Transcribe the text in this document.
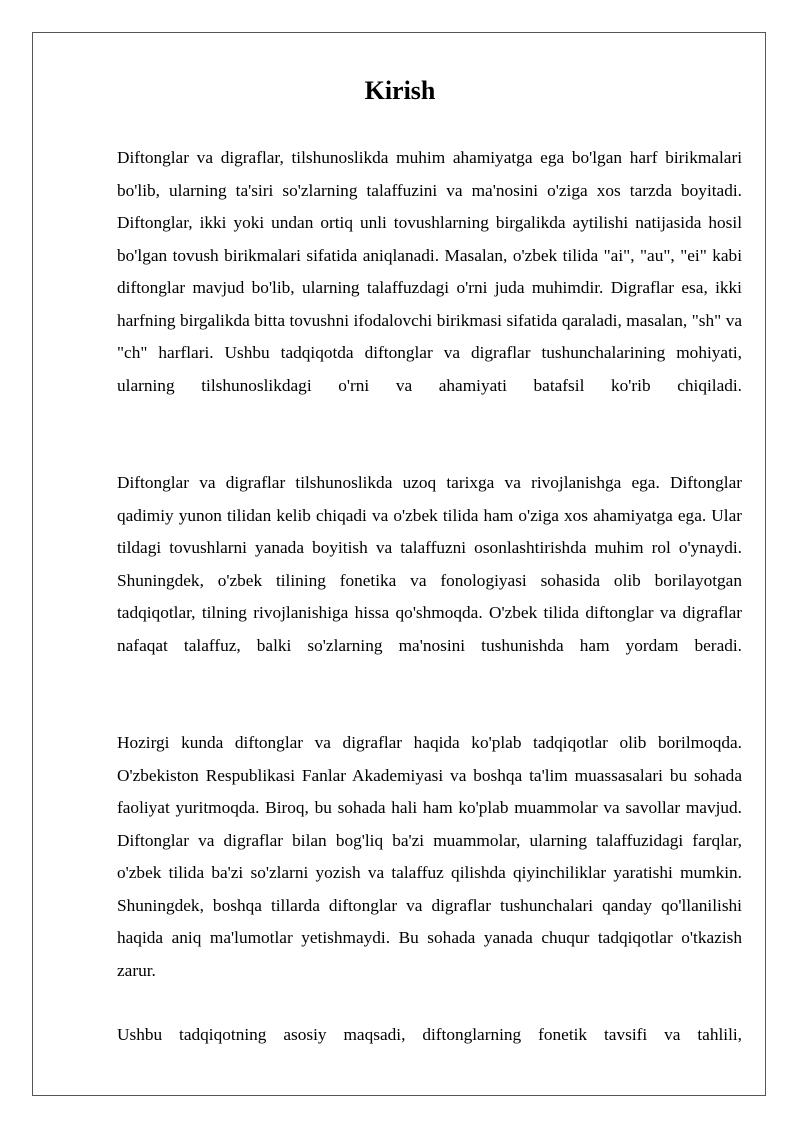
Kirish

Diftonglar va digraflar, tilshunoslikda muhim ahamiyatga ega bo'lgan harf birikmalari bo'lib, ularning ta'siri so'zlarning talaffuzini va ma'nosini o'ziga xos tarzda boyitadi. Diftonglar, ikki yoki undan ortiq unli tovushlarning birgalikda aytilishi natijasida hosil bo'lgan tovush birikmalari sifatida aniqlanadi. Masalan, o'zbek tilida "ai", "au", "ei" kabi diftonglar mavjud bo'lib, ularning talaffuzdagi o'rni juda muhimdir. Digraflar esa, ikki harfning birgalikda bitta tovushni ifodalovchi birikmasi sifatida qaraladi, masalan, "sh" va "ch" harflari. Ushbu tadqiqotda diftonglar va digraflar tushunchalarining mohiyati, ularning tilshunoslikdagi o'rni va ahamiyati batafsil ko'rib chiqiladi.

Diftonglar va digraflar tilshunoslikda uzoq tarixga va rivojlanishga ega. Diftonglar qadimiy yunon tilidan kelib chiqadi va o'zbek tilida ham o'ziga xos ahamiyatga ega. Ular tildagi tovushlarni yanada boyitish va talaffuzni osonlashtirishda muhim rol o'ynaydi. Shuningdek, o'zbek tilining fonetika va fonologiyasi sohasida olib borilayotgan tadqiqotlar, tilning rivojlanishiga hissa qo'shmoqda. O'zbek tilida diftonglar va digraflar nafaqat talaffuz, balki so'zlarning ma'nosini tushunishda ham yordam beradi.

Hozirgi kunda diftonglar va digraflar haqida ko'plab tadqiqotlar olib borilmoqda. O'zbekiston Respublikasi Fanlar Akademiyasi va boshqa ta'lim muassasalari bu sohada faoliyat yuritmoqda. Biroq, bu sohada hali ham ko'plab muammolar va savollar mavjud. Diftonglar va digraflar bilan bog'liq ba'zi muammolar, ularning talaffuzidagi farqlar, o'zbek tilida ba'zi so'zlarni yozish va talaffuz qilishda qiyinchiliklar yaratishi mumkin. Shuningdek, boshqa tillarda diftonglar va digraflar tushunchalari qanday qo'llanilishi haqida aniq ma'lumotlar yetishmaydi. Bu sohada yanada chuqur tadqiqotlar o'tkazish zarur.

Ushbu tadqiqotning asosiy maqsadi, diftonglarning fonetik tavsifi va tahlili,
